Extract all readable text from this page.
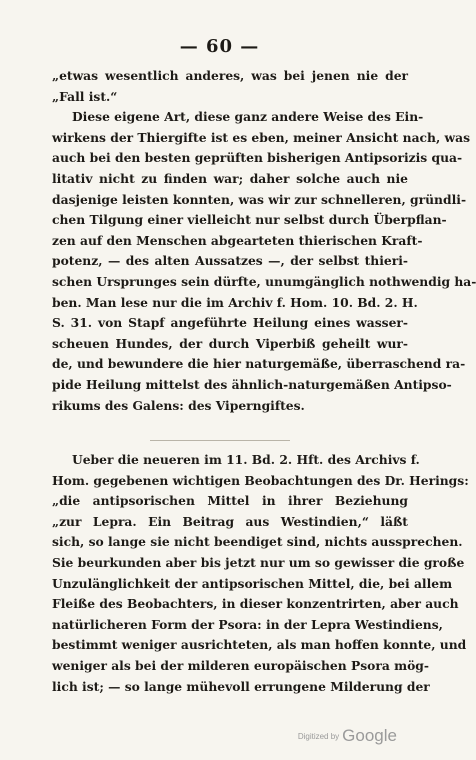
— 60 —
„etwas wesentlich anderes, was bei jenen nie der
„Fall ist.“
Diese eigene Art, diese ganz andere Weise des Ein-
wirkens der Thiergifte ist es eben, meiner Ansicht nach, was
auch bei den besten geprüften bisherigen Antipsorizis qua-
litativ nicht zu finden war; daher solche auch nie
dasjenige leisten konnten, was wir zur schnelleren, gründli-
chen Tilgung einer vielleicht nur selbst durch Überpflan-
zen auf den Menschen abgearteten thierischen Kraft-
potenz, — des alten Aussatzes —, der selbst thieri-
schen Ursprunges sein dürfte, unumgänglich nothwendig ha-
ben. Man lese nur die im Archiv f. Hom. 10. Bd. 2. H.
S. 31. von Stapf angeführte Heilung eines wasser-
scheuen Hundes, der durch Viperbiß geheilt wur-
de, und bewundere die hier naturgemäße, überraschend ra-
pide Heilung mittelst des ähnlich-naturgemäßen Antipso-
rikums des Galens: des Viperngiftes.
Ueber die neueren im 11. Bd. 2. Hft. des Archivs f.
Hom. gegebenen wichtigen Beobachtungen des Dr. Herings:
„die antipsorischen Mittel in ihrer Beziehung
„zur Lepra. Ein Beitrag aus Westindien,“ läßt
sich, so lange sie nicht beendiget sind, nichts aussprechen.
Sie beurkunden aber bis jetzt nur um so gewisser die große
Unzulänglichkeit der antipsorischen Mittel, die, bei allem
Fleiße des Beobachters, in dieser konzentrirten, aber auch
natürlicheren Form der Psora: in der Lepra Westindiens,
bestimmt weniger ausrichteten, als man hoffen konnte, und
weniger als bei der milderen europäischen Psora mög-
lich ist; — so lange mühevoll errungene Milderung der
Digitized by Google
